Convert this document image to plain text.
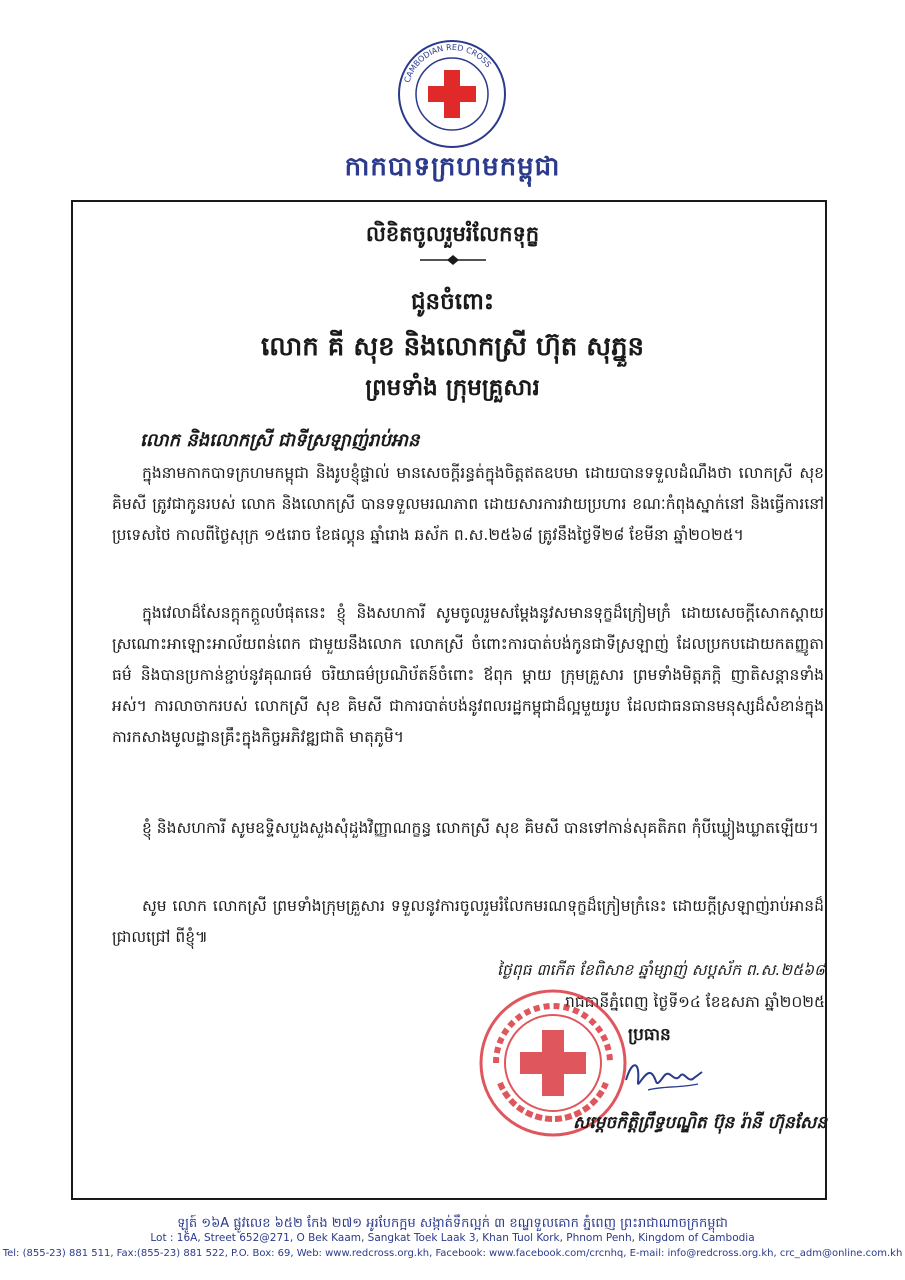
CAMBODIAN RED CROSS
កាកបាទក្រហមកម្ពុជា
លិខិតចូលរួមរំលែកទុក្ខ
ជូនចំពោះ
លោក គី សុខ និងលោកស្រី ហ៊ុត សុភ្នួន
ព្រមទាំង ក្រុមគ្រួសារ
លោក និងលោកស្រី ជាទីស្រឡាញ់រាប់អាន

ក្នុងនាមកាកបាទក្រហមកម្ពុជា និងរូបខ្ញុំផ្ទាល់ មានសេចក្តីរន្ធត់ក្នុងចិត្តឥតឧបមា ដោយបានទទួលដំណឹងថា លោកស្រី សុខ គិមសី ត្រូវជាកូនរបស់ លោក និងលោកស្រី បានទទួលមរណភាព ដោយសារការវាយប្រហារ ខណៈកំពុងស្នាក់នៅ និងធ្វើការនៅប្រទេសថៃ កាលពីថ្ងៃសុក្រ ១៥រោច ខែផល្គុន ឆ្នាំរោង ឆស័ក ព.ស.២៥៦៨ ត្រូវនឹងថ្ងៃទី២៨ ខែមីនា ឆ្នាំ២០២៥។

ក្នុងវេលាដ៏សែនក្តុកក្តួលបំផុតនេះ ខ្ញុំ និងសហការី សូមចូលរួមសម្តែងនូវសមានទុក្ខដ៏ក្រៀមក្រំ ដោយសេចក្តីសោកស្តាយ ស្រណោះអាឡោះអាល័យពន់ពេក ជាមួយនឹងលោក លោកស្រី ចំពោះការបាត់បង់កូនជាទីស្រឡាញ់ ដែលប្រកបដោយកតញ្ញូតាធម៌ និងបានប្រកាន់ខ្ជាប់នូវគុណធម៌ ចរិយាធម៌ប្រណិប័តន៍ចំពោះ ឪពុក ម្តាយ ក្រុមគ្រួសារ ព្រមទាំងមិត្តភក្តិ ញាតិសន្តានទាំងអស់។ ការលាចាករបស់ លោកស្រី សុខ គិមសី ជាការបាត់បង់នូវពលរដ្ឋកម្ពុជាដ៏ល្អមួយរូប ដែលជាធនធានមនុស្សដ៏សំខាន់ក្នុងការកសាងមូលដ្ឋានគ្រឹះក្នុងកិច្ចអភិវឌ្ឍជាតិ មាតុភូមិ។

ខ្ញុំ និងសហការី សូមឧទ្ទិសបួងសួងសុំដួងវិញ្ញាណក្ខន្ធ លោកស្រី សុខ គិមសី បានទៅកាន់សុគតិភព កុំបីឃ្លៀងឃ្លាតឡើយ។

សូម លោក លោកស្រី ព្រមទាំងក្រុមគ្រួសារ ទទួលនូវការចូលរួមរំលែកមរណទុក្ខដ៏ក្រៀមក្រំនេះ ដោយក្តីស្រឡាញ់រាប់អានដ៏ជ្រាលជ្រៅ ពីខ្ញុំ៕

ថ្ងៃពុធ ៣កើត ខែពិសាខ ឆ្នាំម្សាញ់ សប្តស័ក ព.ស.២៥៦៨
រាជធានីភ្នំពេញ ថ្ងៃទី១៤ ខែឧសភា ឆ្នាំ២០២៥
ប្រធាន
សម្តេចកិត្តិព្រឹទ្ធបណ្ឌិត ប៊ុន រ៉ានី ហ៊ុនសែន
ឡូត៍ ១៦A ផ្លូវលេខ ៦៥២ កែង ២៧១ អូរបែកក្អម សង្កាត់ទឹកល្អក់ ៣ ខណ្ឌទួលគោក ភ្នំពេញ ព្រះរាជាណាចក្រកម្ពុជា
Lot : 16A, Street 652@271, O Bek Kaam, Sangkat Toek Laak 3, Khan Tuol Kork, Phnom Penh, Kingdom of Cambodia
Tel: (855-23) 881 511, Fax:(855-23) 881 522, P.O. Box: 69, Web: www.redcross.org.kh, Facebook: www.facebook.com/crcnhq, E-mail: info@redcross.org.kh, crc_adm@online.com.kh
